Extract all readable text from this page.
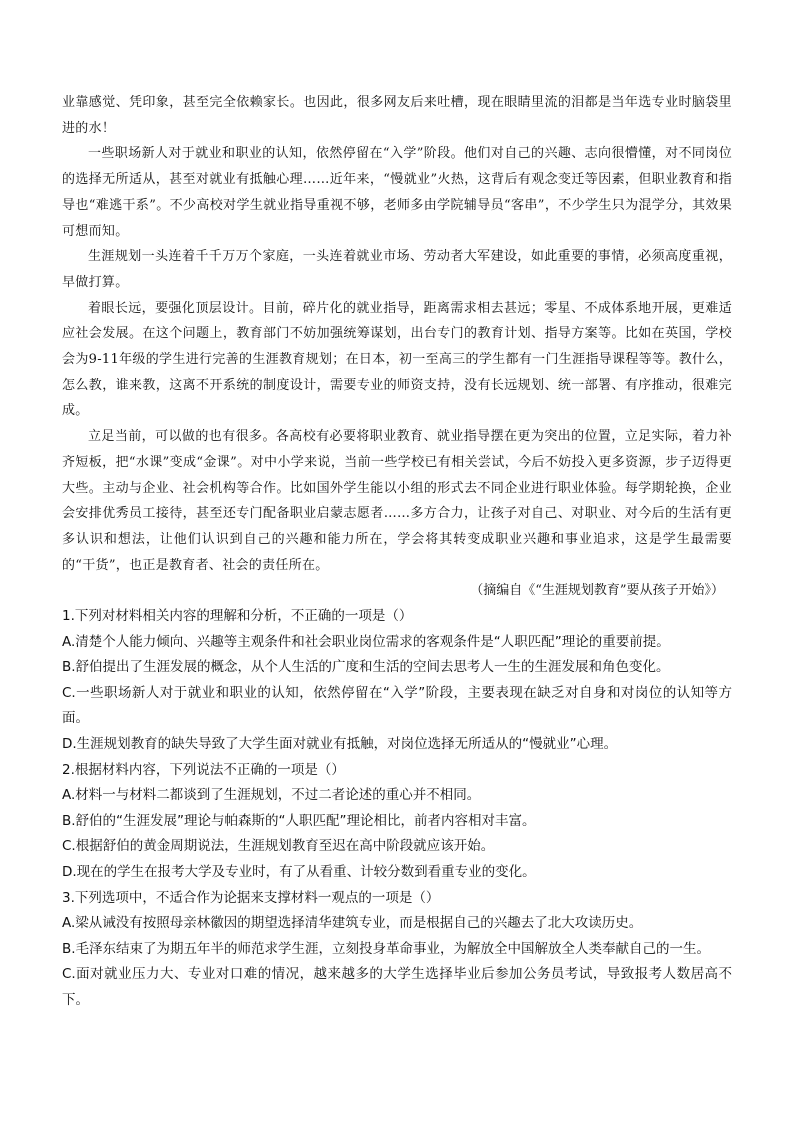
业靠感觉、凭印象，甚至完全依赖家长。也因此，很多网友后来吐槽，现在眼睛里流的泪都是当年选专业时脑袋里进的水！

一些职场新人对于就业和职业的认知，依然停留在“入学”阶段。他们对自己的兴趣、志向很懵懂，对不同岗位的选择无所适从，甚至对就业有抵触心理……近年来，“慢就业”火热，这背后有观念变迁等因素，但职业教育和指导也“难逃干系”。不少高校对学生就业指导重视不够，老师多由学院辅导员“客串”，不少学生只为混学分，其效果可想而知。

生涯规划一头连着千千万万个家庭，一头连着就业市场、劳动者大军建设，如此重要的事情，必须高度重视，早做打算。

着眼长远，要强化顶层设计。目前，碎片化的就业指导，距离需求相去甚远；零星、不成体系地开展，更难适应社会发展。在这个问题上，教育部门不妨加强统筹谋划，出台专门的教育计划、指导方案等。比如在英国，学校会为9-11年级的学生进行完善的生涯教育规划；在日本，初一至高三的学生都有一门生涯指导课程等等。教什么，怎么教，谁来教，这离不开系统的制度设计，需要专业的师资支持，没有长远规划、统一部署、有序推动，很难完成。

立足当前，可以做的也有很多。各高校有必要将职业教育、就业指导摆在更为突出的位置，立足实际，着力补齐短板，把“水课”变成“金课”。对中小学来说，当前一些学校已有相关尝试，今后不妨投入更多资源，步子迈得更大些。主动与企业、社会机构等合作。比如国外学生能以小组的形式去不同企业进行职业体验。每学期轮换，企业会安排优秀员工接待，甚至还专门配备职业启蒙志愿者……多方合力，让孩子对自己、对职业、对今后的生活有更多认识和想法，让他们认识到自己的兴趣和能力所在，学会将其转变成职业兴趣和事业追求，这是学生最需要的“干货”，也正是教育者、社会的责任所在。

（摘编自《“生涯规划教育”要从孩子开始》）

1.下列对材料相关内容的理解和分析，不正确的一项是（）

A.清楚个人能力倾向、兴趣等主观条件和社会职业岗位需求的客观条件是“人职匹配”理论的重要前提。

B.舒伯提出了生涯发展的概念，从个人生活的广度和生活的空间去思考人一生的生涯发展和角色变化。

C.一些职场新人对于就业和职业的认知，依然停留在“入学”阶段，主要表现在缺乏对自身和对岗位的认知等方面。

D.生涯规划教育的缺失导致了大学生面对就业有抵触，对岗位选择无所适从的“慢就业”心理。

2.根据材料内容，下列说法不正确的一项是（）

A.材料一与材料二都谈到了生涯规划，不过二者论述的重心并不相同。

B.舒伯的“生涯发展”理论与帕森斯的“人职匹配”理论相比，前者内容相对丰富。

C.根据舒伯的黄金周期说法，生涯规划教育至迟在高中阶段就应该开始。

D.现在的学生在报考大学及专业时，有了从看重、计较分数到看重专业的变化。

3.下列选项中，不适合作为论据来支撑材料一观点的一项是（）

A.梁从诫没有按照母亲林徽因的期望选择清华建筑专业，而是根据自己的兴趣去了北大攻读历史。

B.毛泽东结束了为期五年半的师范求学生涯，立刻投身革命事业，为解放全中国解放全人类奉献自己的一生。

C.面对就业压力大、专业对口难的情况，越来越多的大学生选择毕业后参加公务员考试，导致报考人数居高不下。
